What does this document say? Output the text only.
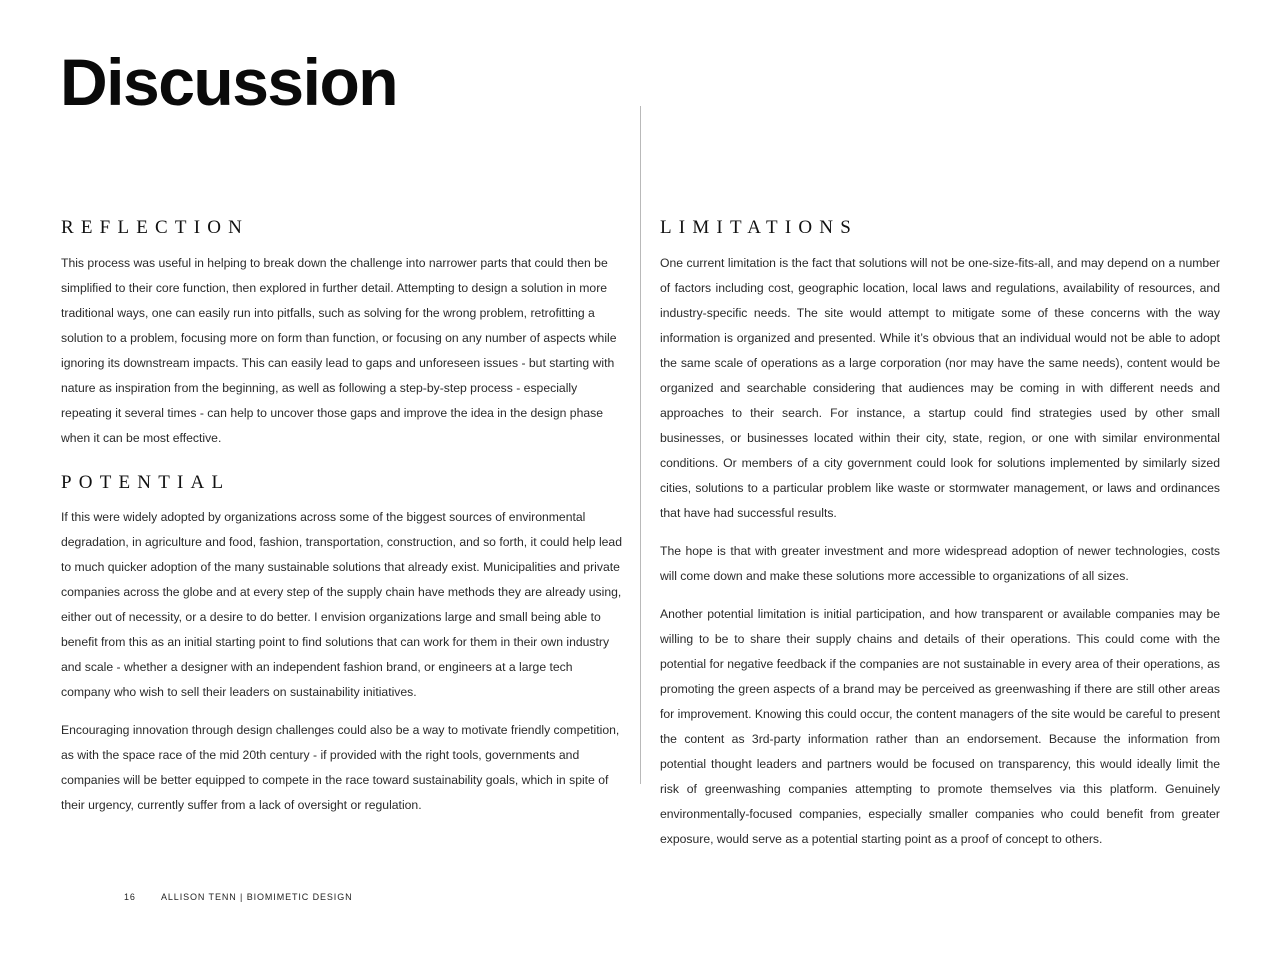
Discussion
REFLECTION

This process was useful in helping to break down the challenge into narrower parts that could then be simplified to their core function, then explored in further detail. Attempting to design a solution in more traditional ways, one can easily run into pitfalls, such as solving for the wrong problem, retrofitting a solution to a problem, focusing more on form than function, or focusing on any number of aspects while ignoring its downstream impacts. This can easily lead to gaps and unforeseen issues - but starting with nature as inspiration from the beginning, as well as following a step-by-step process - especially repeating it several times - can help to uncover those gaps and improve the idea in the design phase when it can be most effective.

POTENTIAL

If this were widely adopted by organizations across some of the biggest sources of environmental degradation, in agriculture and food, fashion, transportation, construction, and so forth, it could help lead to much quicker adoption of the many sustainable solutions that already exist. Municipalities and private companies across the globe and at every step of the supply chain have methods they are already using, either out of necessity, or a desire to do better. I envision organizations large and small being able to benefit from this as an initial starting point to find solutions that can work for them in their own industry and scale - whether a designer with an independent fashion brand, or engineers at a large tech company who wish to sell their leaders on sustainability initiatives.

Encouraging innovation through design challenges could also be a way to motivate friendly competition, as with the space race of the mid 20th century - if provided with the right tools, governments and companies will be better equipped to compete in the race toward sustainability goals, which in spite of their urgency, currently suffer from a lack of oversight or regulation.

LIMITATIONS

One current limitation is the fact that solutions will not be one-size-fits-all, and may depend on a number of factors including cost, geographic location, local laws and regulations, availability of resources, and industry-specific needs. The site would attempt to mitigate some of these concerns with the way information is organized and presented. While it’s obvious that an individual would not be able to adopt the same scale of operations as a large corporation (nor may have the same needs), content would be organized and searchable considering that audiences may be coming in with different needs and approaches to their search. For instance, a startup could find strategies used by other small businesses, or businesses located within their city, state, region, or one with similar environmental conditions. Or members of a city government could look for solutions implemented by similarly sized cities, solutions to a particular problem like waste or stormwater management, or laws and ordinances that have had successful results.

The hope is that with greater investment and more widespread adoption of newer technologies, costs will come down and make these solutions more accessible to organizations of all sizes.

Another potential limitation is initial participation, and how transparent or available companies may be willing to be to share their supply chains and details of their operations. This could come with the potential for negative feedback if the companies are not sustainable in every area of their operations, as promoting the green aspects of a brand may be perceived as greenwashing if there are still other areas for improvement. Knowing this could occur, the content managers of the site would be careful to present the content as 3rd-party information rather than an endorsement. Because the information from potential thought leaders and partners would be focused on transparency, this would ideally limit the risk of greenwashing companies attempting to promote themselves via this platform. Genuinely environmentally-focused companies, especially smaller companies who could benefit from greater exposure, would serve as a potential starting point as a proof of concept to others.

16	ALLISON TENN | BIOMIMETIC DESIGN
